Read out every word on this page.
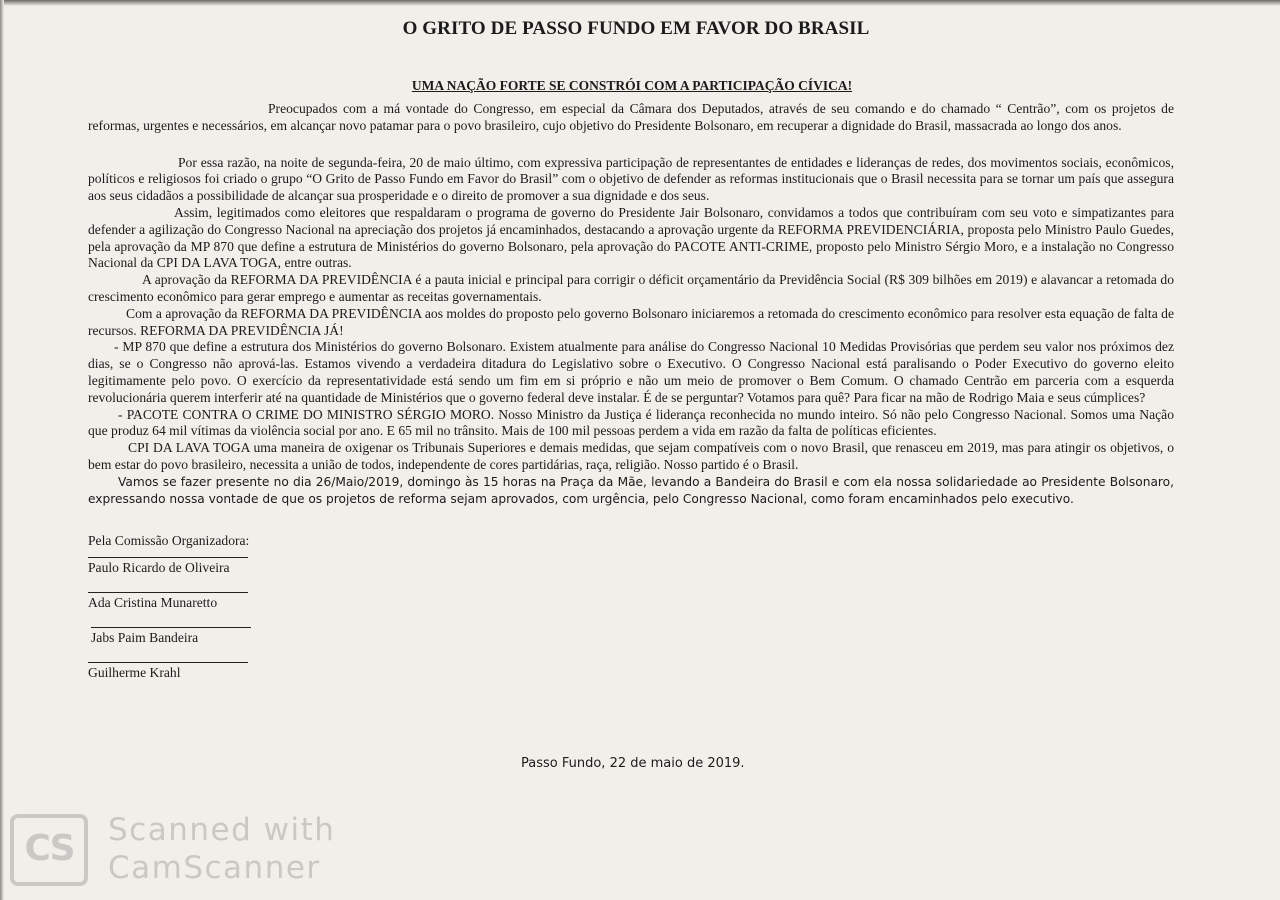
O GRITO DE PASSO FUNDO EM FAVOR DO BRASIL
UMA NAÇÃO FORTE SE CONSTRÓI COM A PARTICIPAÇÃO CÍVICA!

Preocupados com a má vontade do Congresso, em especial da Câmara dos Deputados, através de seu comando e do chamado “ Centrão”, com os projetos de reformas, urgentes e necessários, em alcançar novo patamar para o povo brasileiro, cujo objetivo do Presidente Bolsonaro, em recuperar a dignidade do Brasil, massacrada ao longo dos anos.

Por essa razão, na noite de segunda-feira, 20 de maio último, com expressiva participação de representantes de entidades e lideranças de redes, dos movimentos sociais, econômicos, políticos e religiosos foi criado o grupo “O Grito de Passo Fundo em Favor do Brasil” com o objetivo de defender as reformas institucionais que o Brasil necessita para se tornar um país que assegura aos seus cidadãos a possibilidade de alcançar sua prosperidade e o direito de promover a sua dignidade e dos seus.

Assim, legitimados como eleitores que respaldaram o programa de governo do Presidente Jair Bolsonaro, convidamos a todos que contribuíram com seu voto e simpatizantes para defender a agilização do Congresso Nacional na apreciação dos projetos já encaminhados, destacando a aprovação urgente da REFORMA PREVIDENCIÁRIA, proposta pelo Ministro Paulo Guedes, pela aprovação da MP 870 que define a estrutura de Ministérios do governo Bolsonaro, pela aprovação do PACOTE ANTI-CRIME, proposto pelo Ministro Sérgio Moro, e a instalação no Congresso Nacional da CPI DA LAVA TOGA, entre outras.

A aprovação da REFORMA DA PREVIDÊNCIA é a pauta inicial e principal para corrigir o déficit orçamentário da Previdência Social (R$ 309 bilhões em 2019) e alavancar a retomada do crescimento econômico para gerar emprego e aumentar as receitas governamentais.

Com a aprovação da REFORMA DA PREVIDÊNCIA aos moldes do proposto pelo governo Bolsonaro iniciaremos a retomada do crescimento econômico para resolver esta equação de falta de recursos. REFORMA DA PREVIDÊNCIA JÁ!

- MP 870 que define a estrutura dos Ministérios do governo Bolsonaro. Existem atualmente para análise do Congresso Nacional 10 Medidas Provisórias que perdem seu valor nos próximos dez dias, se o Congresso não aprová-las. Estamos vivendo a verdadeira ditadura do Legislativo sobre o Executivo. O Congresso Nacional está paralisando o Poder Executivo do governo eleito legitimamente pelo povo. O exercício da representatividade está sendo um fim em si próprio e não um meio de promover o Bem Comum. O chamado Centrão em parceria com a esquerda revolucionária querem interferir até na quantidade de Ministérios que o governo federal deve instalar. É de se perguntar? Votamos para quê? Para ficar na mão de Rodrigo Maia e seus cúmplices?

- PACOTE CONTRA O CRIME DO MINISTRO SÉRGIO MORO. Nosso Ministro da Justiça é liderança reconhecida no mundo inteiro. Só não pelo Congresso Nacional. Somos uma Nação que produz 64 mil vítimas da violência social por ano. E 65 mil no trânsito. Mais de 100 mil pessoas perdem a vida em razão da falta de políticas eficientes.

CPI DA LAVA TOGA uma maneira de oxigenar os Tribunais Superiores e demais medidas, que sejam compatíveis com o novo Brasil, que renasceu em 2019, mas para atingir os objetivos, o bem estar do povo brasileiro, necessita a união de todos, independente de cores partidárias, raça, religião. Nosso partido é o Brasil.

Vamos se fazer presente no dia 26/Maio/2019, domingo às 15 horas na Praça da Mãe, levando a Bandeira do Brasil e com ela nossa solidariedade ao Presidente Bolsonaro, expressando nossa vontade de que os projetos de reforma sejam aprovados, com urgência, pelo Congresso Nacional, como foram encaminhados pelo executivo.

Pela Comissão Organizadora:
Paulo Ricardo de Oliveira
Ada Cristina Munaretto
Jabs Paim Bandeira
Guilherme Krahl
Passo Fundo, 22 de maio de 2019.
CS	Scanned with
CamScanner
